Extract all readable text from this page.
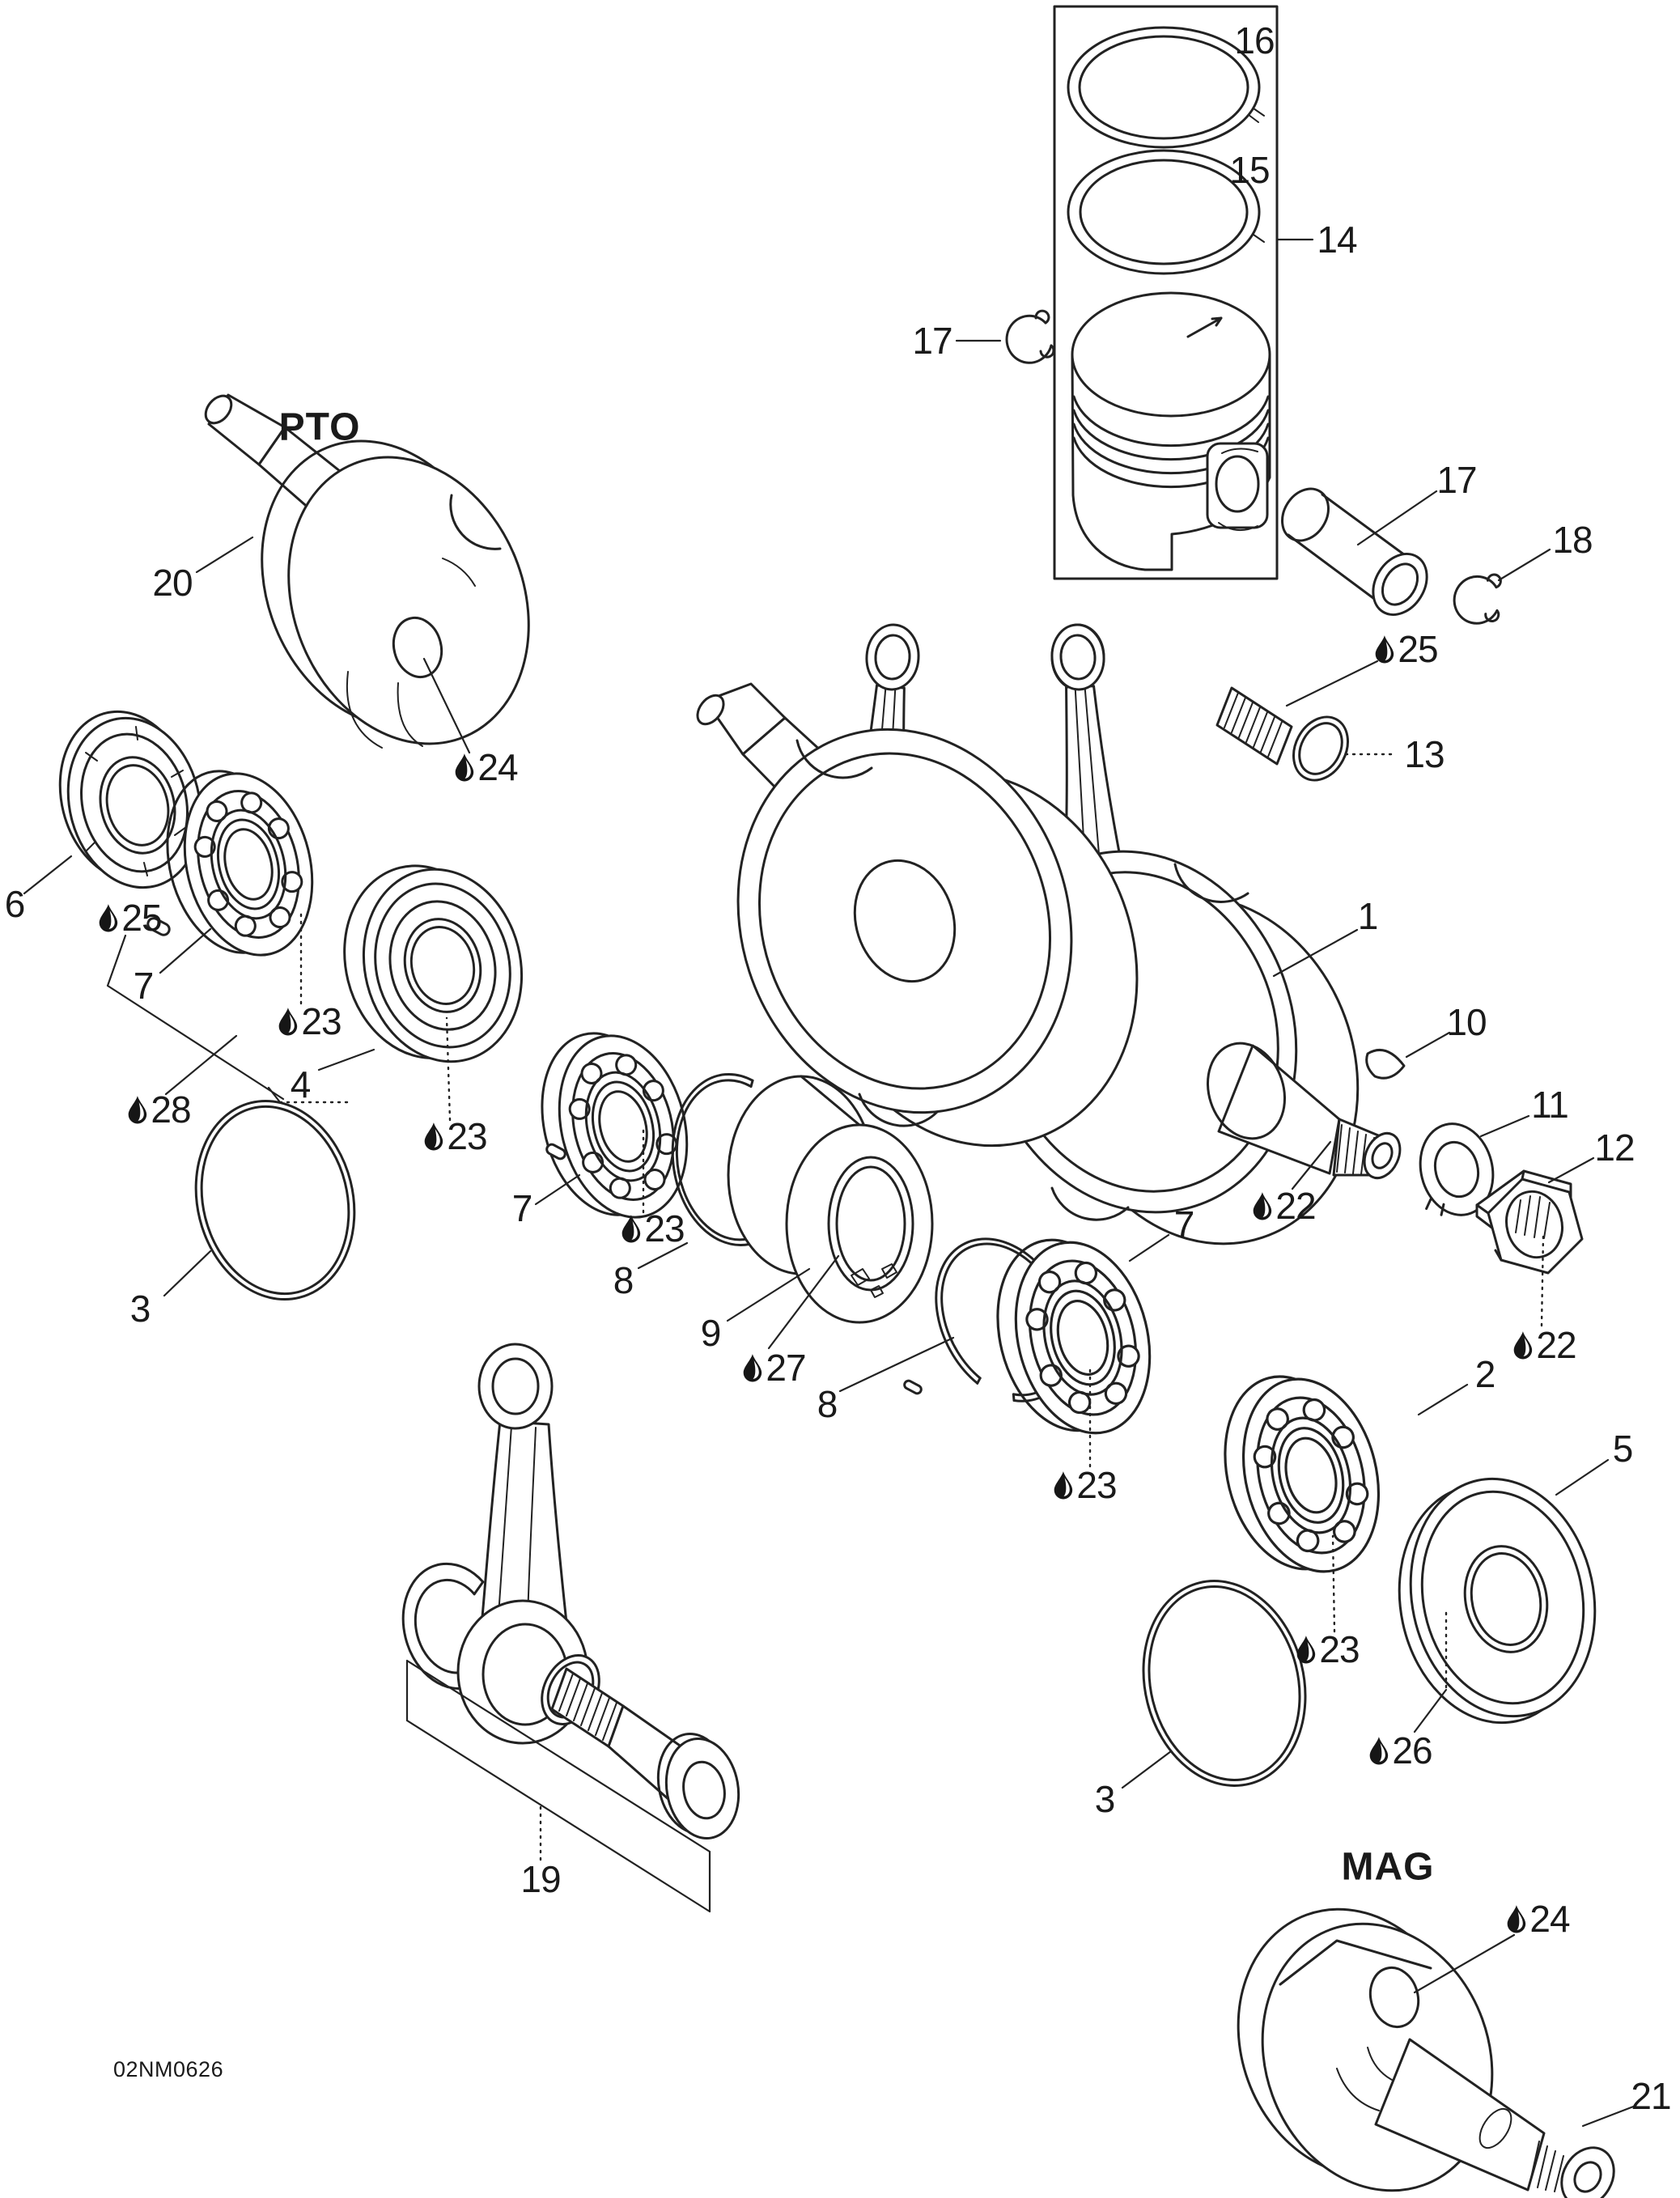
16
15
14
17
17
18
25
13
20
24
6	25
7
23
4
28
23
3
7	23
8
9
27
8
1
22
10
11
12
22
7
23
2
5
23
26
3
24
19
21
PTO
MAG
02NM0626
